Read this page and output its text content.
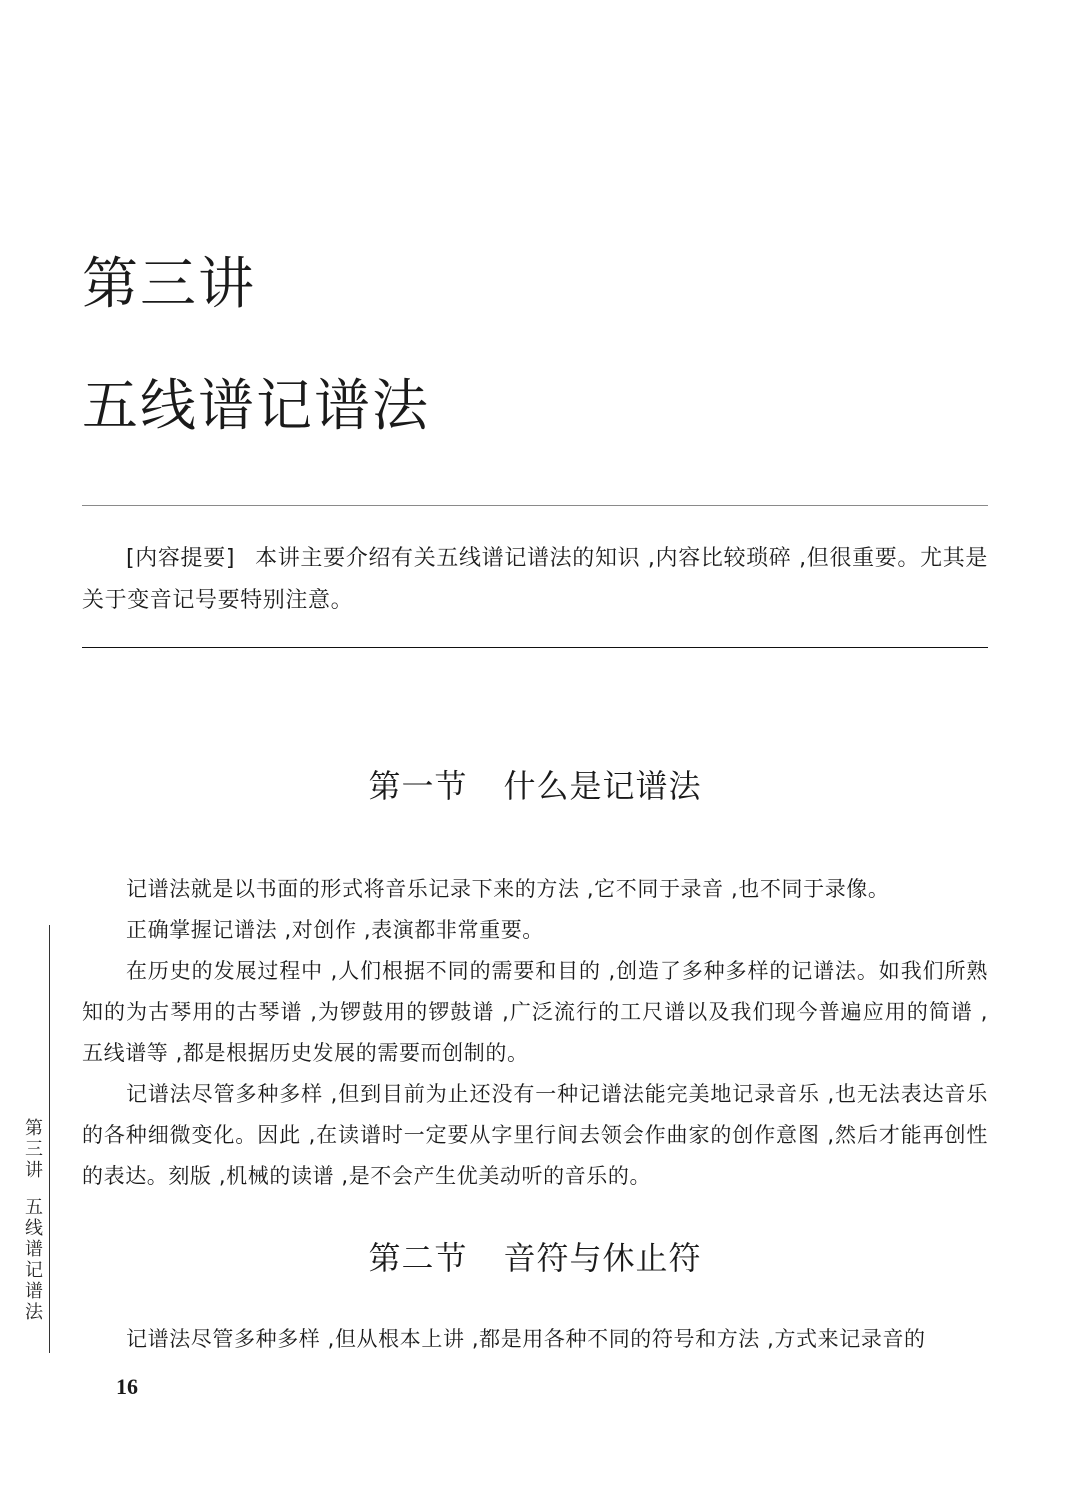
第三讲
五线谱记谱法
[内容提要] 本讲主要介绍有关五线谱记谱法的知识 ,内容比较琐碎 ,但很重要。尤其是关于变音记号要特别注意。
第一节 什么是记谱法

记谱法就是以书面的形式将音乐记录下来的方法 ,它不同于录音 ,也不同于录像。

正确掌握记谱法 ,对创作 ,表演都非常重要。

在历史的发展过程中 ,人们根据不同的需要和目的 ,创造了多种多样的记谱法。如我们所熟知的为古琴用的古琴谱 ,为锣鼓用的锣鼓谱 ,广泛流行的工尺谱以及我们现今普遍应用的简谱 ,五线谱等 ,都是根据历史发展的需要而创制的。

记谱法尽管多种多样 ,但到目前为止还没有一种记谱法能完美地记录音乐 ,也无法表达音乐的各种细微变化。因此 ,在读谱时一定要从字里行间去领会作曲家的创作意图 ,然后才能再创性的表达。刻版 ,机械的读谱 ,是不会产生优美动听的音乐的。

第二节 音符与休止符

记谱法尽管多种多样 ,但从根本上讲 ,都是用各种不同的符号和方法 ,方式来记录音的

第
三
讲
五
线
谱
记
谱
法
16
